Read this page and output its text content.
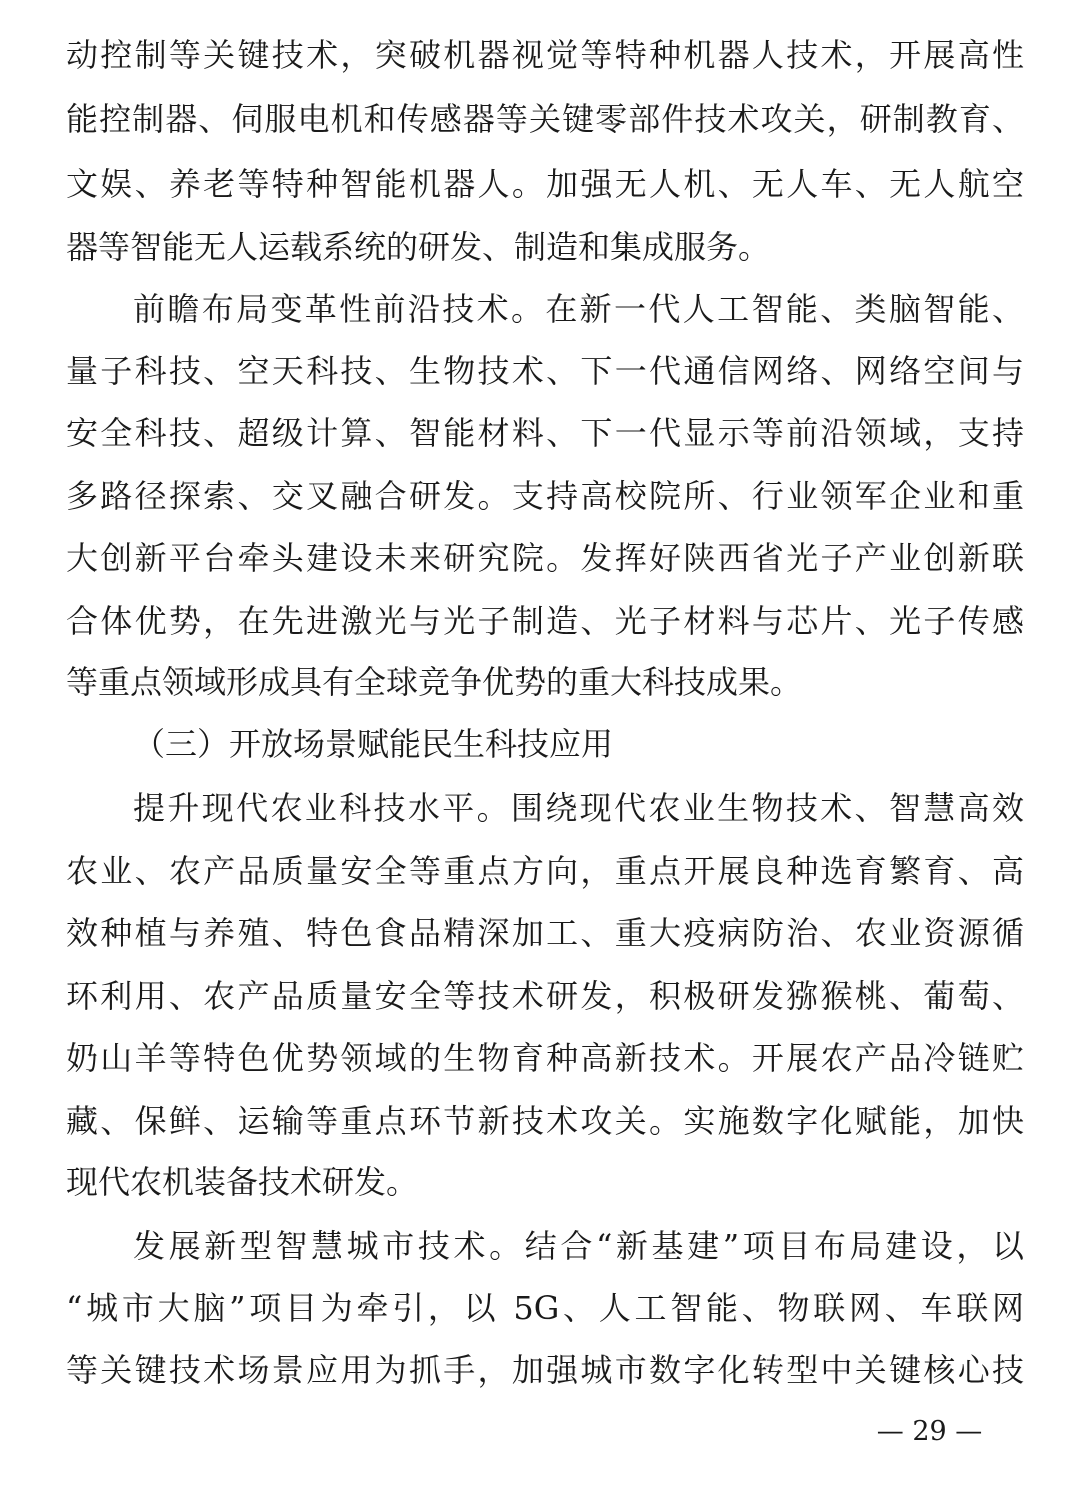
动控制等关键技术，突破机器视觉等特种机器人技术，开展高性
能控制器、伺服电机和传感器等关键零部件技术攻关，研制教育、
文娱、养老等特种智能机器人。加强无人机、无人车、无人航空
器等智能无人运载系统的研发、制造和集成服务。
前瞻布局变革性前沿技术。在新一代人工智能、类脑智能、
量子科技、空天科技、生物技术、下一代通信网络、网络空间与
安全科技、超级计算、智能材料、下一代显示等前沿领域，支持
多路径探索、交叉融合研发。支持高校院所、行业领军企业和重
大创新平台牵头建设未来研究院。发挥好陕西省光子产业创新联
合体优势，在先进激光与光子制造、光子材料与芯片、光子传感
等重点领域形成具有全球竞争优势的重大科技成果。
（三）开放场景赋能民生科技应用
提升现代农业科技水平。围绕现代农业生物技术、智慧高效
农业、农产品质量安全等重点方向，重点开展良种选育繁育、高
效种植与养殖、特色食品精深加工、重大疫病防治、农业资源循
环利用、农产品质量安全等技术研发，积极研发猕猴桃、葡萄、
奶山羊等特色优势领域的生物育种高新技术。开展农产品冷链贮
藏、保鲜、运输等重点环节新技术攻关。实施数字化赋能，加快
现代农机装备技术研发。
发展新型智慧城市技术。结合“新基建”项目布局建设，以
“城市大脑”项目为牵引，以 5G、人工智能、物联网、车联网
等关键技术场景应用为抓手，加强城市数字化转型中关键核心技
— 29 —
